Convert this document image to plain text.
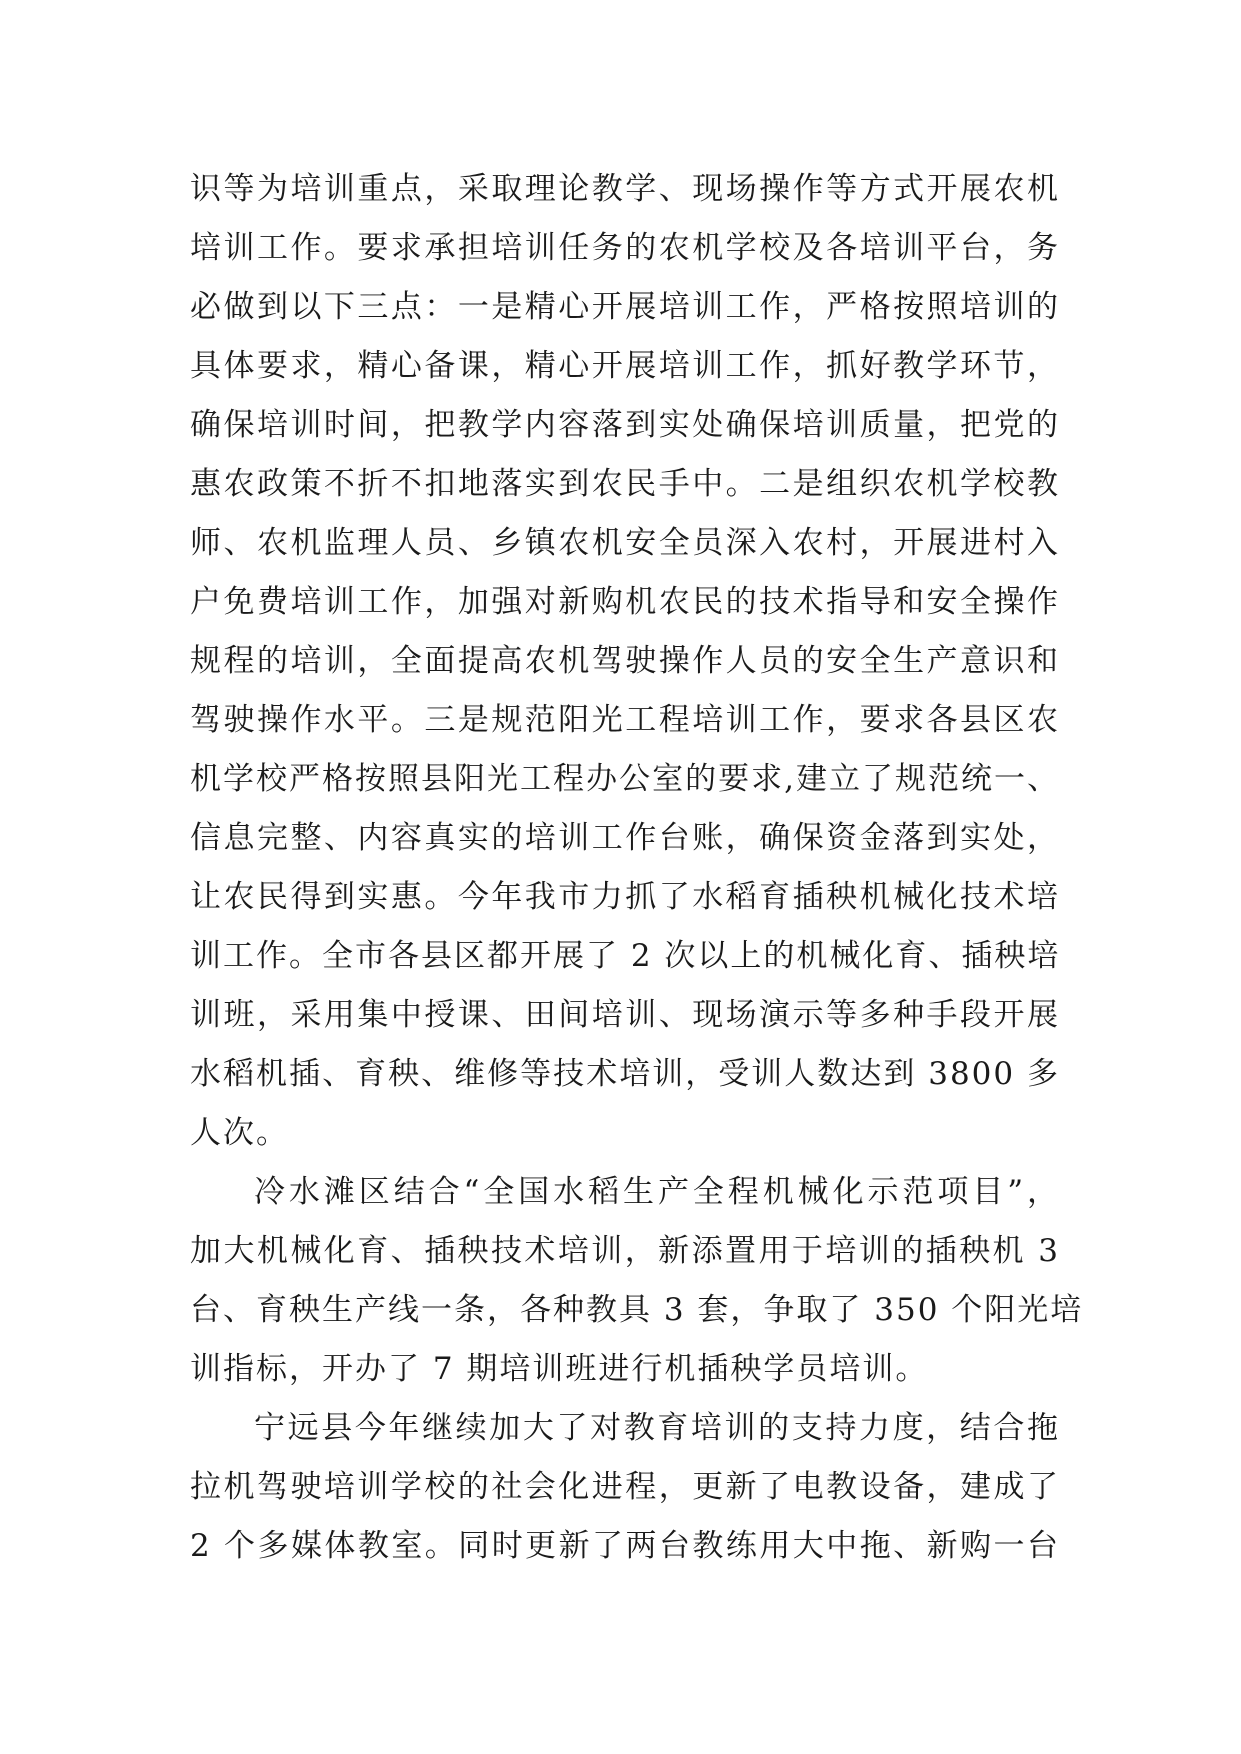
识等为培训重点，采取理论教学、现场操作等方式开展农机
培训工作。要求承担培训任务的农机学校及各培训平台，务
必做到以下三点：一是精心开展培训工作，严格按照培训的
具体要求，精心备课，精心开展培训工作，抓好教学环节，
确保培训时间，把教学内容落到实处确保培训质量，把党的
惠农政策不折不扣地落实到农民手中。二是组织农机学校教
师、农机监理人员、乡镇农机安全员深入农村，开展进村入
户免费培训工作，加强对新购机农民的技术指导和安全操作
规程的培训，全面提高农机驾驶操作人员的安全生产意识和
驾驶操作水平。三是规范阳光工程培训工作，要求各县区农
机学校严格按照县阳光工程办公室的要求,建立了规范统一、
信息完整、内容真实的培训工作台账，确保资金落到实处，
让农民得到实惠。今年我市力抓了水稻育插秧机械化技术培
训工作。全市各县区都开展了 2 次以上的机械化育、插秧培
训班，采用集中授课、田间培训、现场演示等多种手段开展
水稻机插、育秧、维修等技术培训，受训人数达到 3800 多
人次。
冷水滩区结合“全国水稻生产全程机械化示范项目”，
加大机械化育、插秧技术培训，新添置用于培训的插秧机 3
台、育秧生产线一条，各种教具 3 套，争取了 350 个阳光培
训指标，开办了 7 期培训班进行机插秧学员培训。
宁远县今年继续加大了对教育培训的支持力度，结合拖
拉机驾驶培训学校的社会化进程，更新了电教设备，建成了
2 个多媒体教室。同时更新了两台教练用大中拖、新购一台
